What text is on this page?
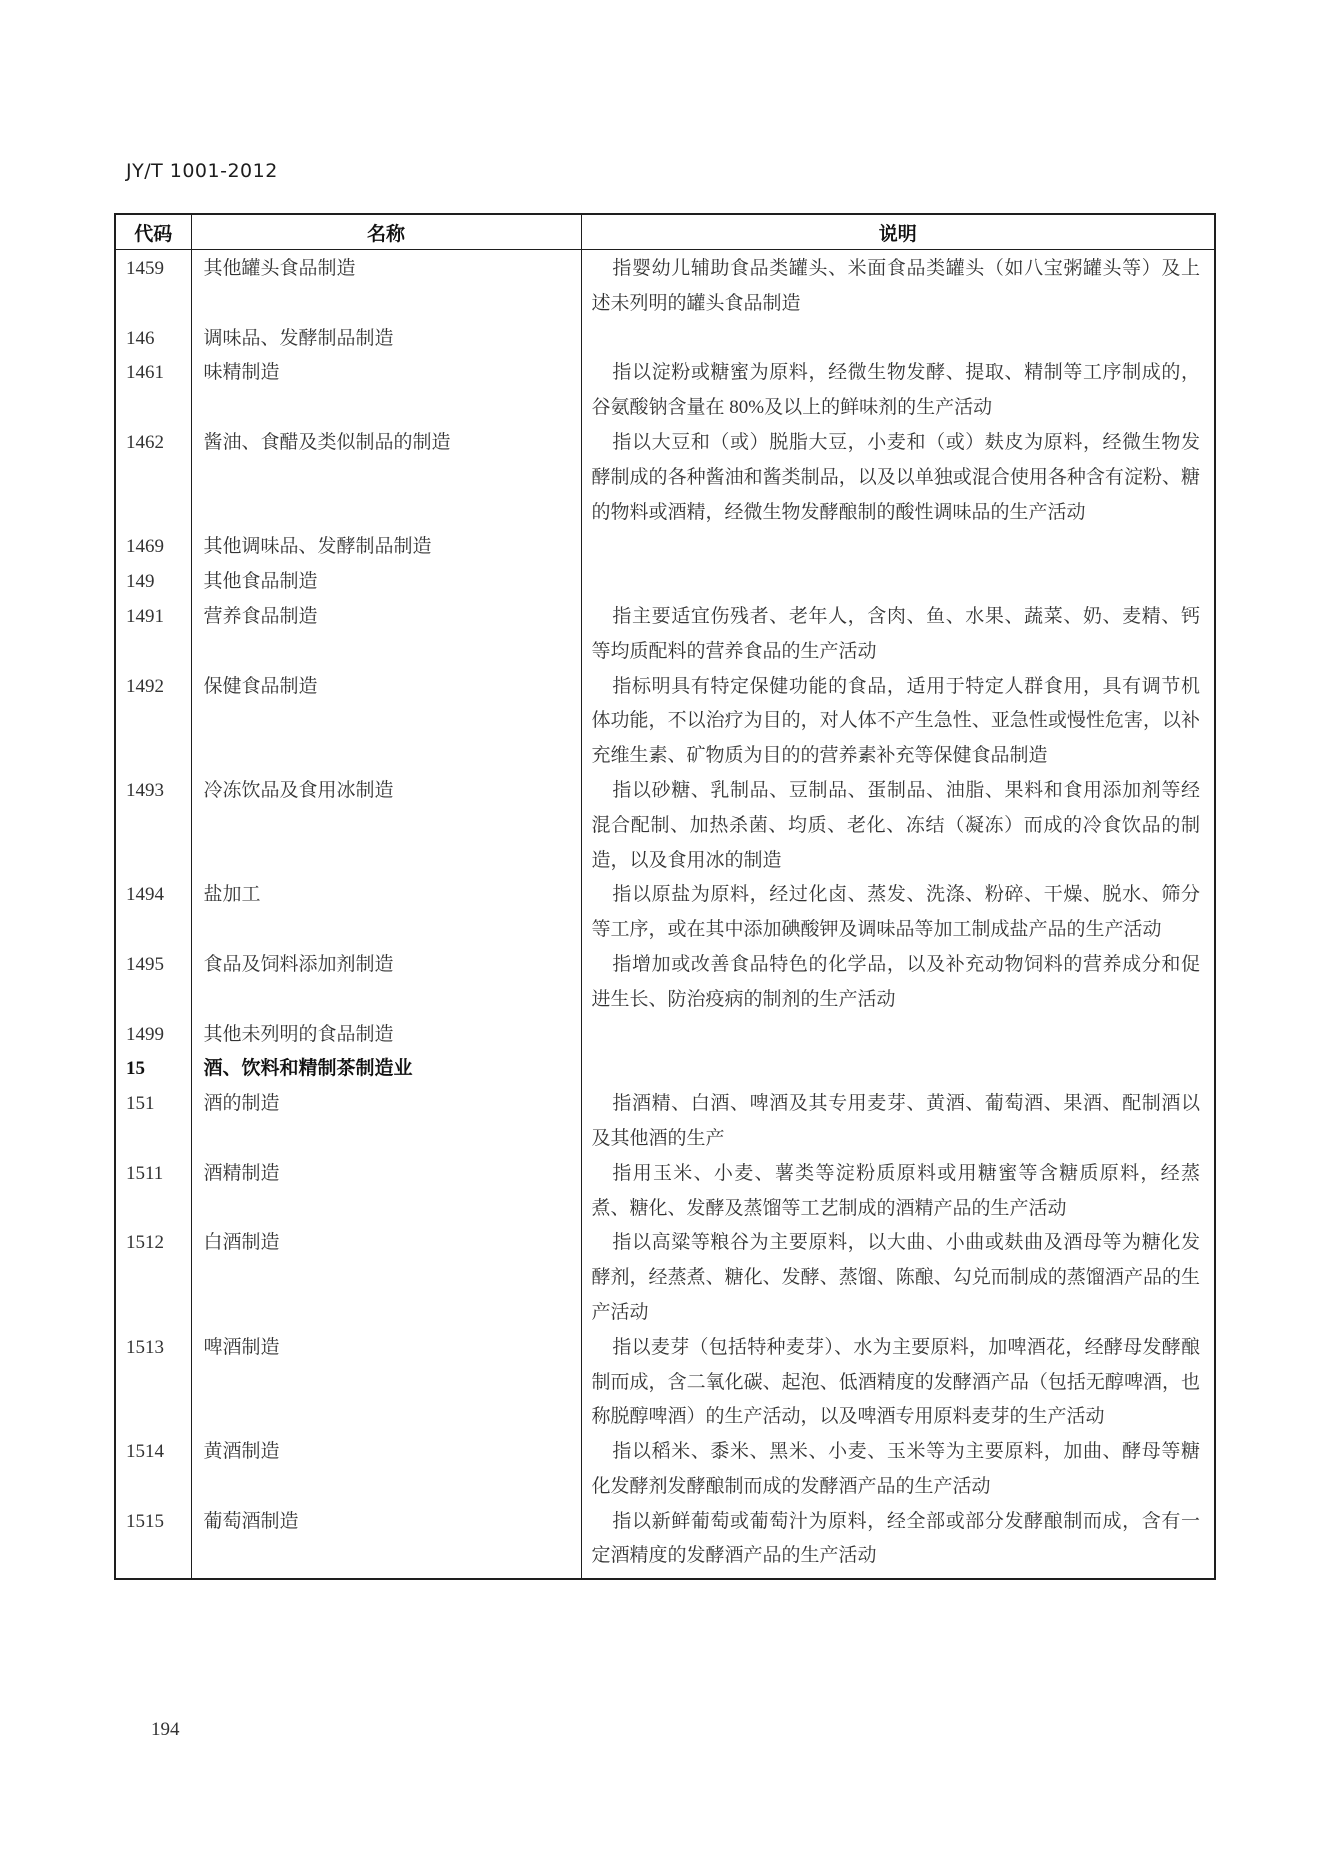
JY/T 1001-2012
代码	名称	说明
1459	其他罐头食品制造	指婴幼儿辅助食品类罐头、米面食品类罐头（如八宝粥罐头等）及上述未列明的罐头食品制造
146	调味品、发酵制品制造	
1461	味精制造	指以淀粉或糖蜜为原料，经微生物发酵、提取、精制等工序制成的，谷氨酸钠含量在 80%及以上的鲜味剂的生产活动
1462	酱油、食醋及类似制品的制造	指以大豆和（或）脱脂大豆，小麦和（或）麸皮为原料，经微生物发酵制成的各种酱油和酱类制品，以及以单独或混合使用各种含有淀粉、糖的物料或酒精，经微生物发酵酿制的酸性调味品的生产活动
1469	其他调味品、发酵制品制造	
149	其他食品制造	
1491	营养食品制造	指主要适宜伤残者、老年人，含肉、鱼、水果、蔬菜、奶、麦精、钙等均质配料的营养食品的生产活动
1492	保健食品制造	指标明具有特定保健功能的食品，适用于特定人群食用，具有调节机体功能，不以治疗为目的，对人体不产生急性、亚急性或慢性危害，以补充维生素、矿物质为目的的营养素补充等保健食品制造
1493	冷冻饮品及食用冰制造	指以砂糖、乳制品、豆制品、蛋制品、油脂、果料和食用添加剂等经混合配制、加热杀菌、均质、老化、冻结（凝冻）而成的冷食饮品的制造，以及食用冰的制造
1494	盐加工	指以原盐为原料，经过化卤、蒸发、洗涤、粉碎、干燥、脱水、筛分等工序，或在其中添加碘酸钾及调味品等加工制成盐产品的生产活动
1495	食品及饲料添加剂制造	指增加或改善食品特色的化学品，以及补充动物饲料的营养成分和促进生长、防治疫病的制剂的生产活动
1499	其他未列明的食品制造	
15	酒、饮料和精制茶制造业	
151	酒的制造	指酒精、白酒、啤酒及其专用麦芽、黄酒、葡萄酒、果酒、配制酒以及其他酒的生产
1511	酒精制造	指用玉米、小麦、薯类等淀粉质原料或用糖蜜等含糖质原料，经蒸煮、糖化、发酵及蒸馏等工艺制成的酒精产品的生产活动
1512	白酒制造	指以高粱等粮谷为主要原料，以大曲、小曲或麸曲及酒母等为糖化发酵剂，经蒸煮、糖化、发酵、蒸馏、陈酿、勾兑而制成的蒸馏酒产品的生产活动
1513	啤酒制造	指以麦芽（包括特种麦芽）、水为主要原料，加啤酒花，经酵母发酵酿制而成，含二氧化碳、起泡、低酒精度的发酵酒产品（包括无醇啤酒，也称脱醇啤酒）的生产活动，以及啤酒专用原料麦芽的生产活动
1514	黄酒制造	指以稻米、黍米、黑米、小麦、玉米等为主要原料，加曲、酵母等糖化发酵剂发酵酿制而成的发酵酒产品的生产活动
1515	葡萄酒制造	指以新鲜葡萄或葡萄汁为原料，经全部或部分发酵酿制而成，含有一定酒精度的发酵酒产品的生产活动
194
